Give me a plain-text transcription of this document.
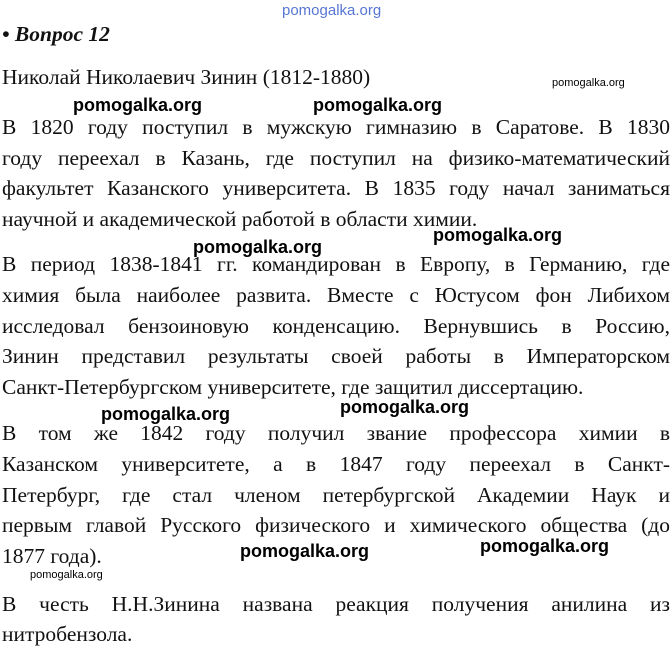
pomogalka.org
• Вопрос 12
Николай Николаевич Зинин (1812-1880)
В 1820 году поступил в мужскую гимназию в Саратове. В 1830
году переехал в Казань, где поступил на физико-математический
факультет Казанского университета. В 1835 году начал заниматься
научной и академической работой в области химии.
В период 1838-1841 гг. командирован в Европу, в Германию, где
химия была наиболее развита. Вместе с Юстусом фон Либихом
исследовал бензоиновую конденсацию. Вернувшись в Россию,
Зинин представил результаты своей работы в Императорском
Санкт-Петербургском университете, где защитил диссертацию.
В том же 1842 году получил звание профессора химии в
Казанском университете, а в 1847 году переехал в Санкт-
Петербург, где стал членом петербургской Академии Наук и
первым главой Русского физического и химического общества (до
1877 года).
В честь Н.Н.Зинина названа реакция получения анилина из
нитробензола.
pomogalka.org	pomogalka.org
pomogalka.org
pomogalka.org
pomogalka.org
pomogalka.org
pomogalka.org
pomogalka.org
pomogalka.org
pomogalka.org
